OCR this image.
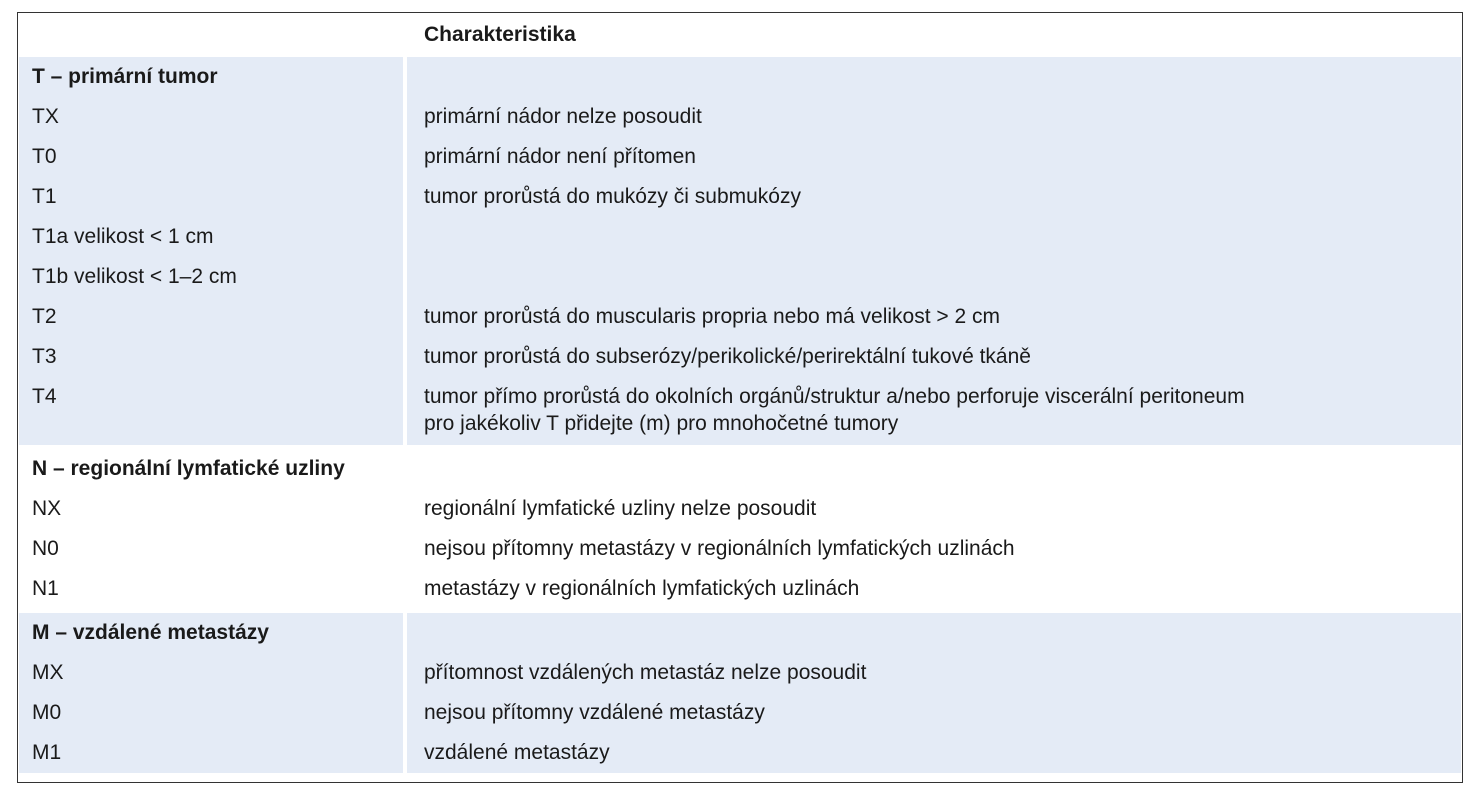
	Charakteristika
T – primární tumor	
TX	primární nádor nelze posoudit
T0	primární nádor není přítomen
T1	tumor prorůstá do mukózy či submukózy
T1a velikost < 1 cm	
T1b velikost < 1–2 cm	
T2	tumor prorůstá do muscularis propria nebo má velikost > 2 cm
T3	tumor prorůstá do subserózy/perikolické/perirektální tukové tkáně

T4	tumor přímo prorůstá do okolních orgánů/struktur a/nebo perforuje viscerální peritoneum
pro jakékoliv T přidejte (m) pro mnohočetné tumory

N – regionální lymfatické uzliny	
NX	regionální lymfatické uzliny nelze posoudit
N0	nejsou přítomny metastázy v regionálních lymfatických uzlinách
N1	metastázy v regionálních lymfatických uzlinách
M – vzdálené metastázy	
MX	přítomnost vzdálených metastáz nelze posoudit
M0	nejsou přítomny vzdálené metastázy
M1	vzdálené metastázy
